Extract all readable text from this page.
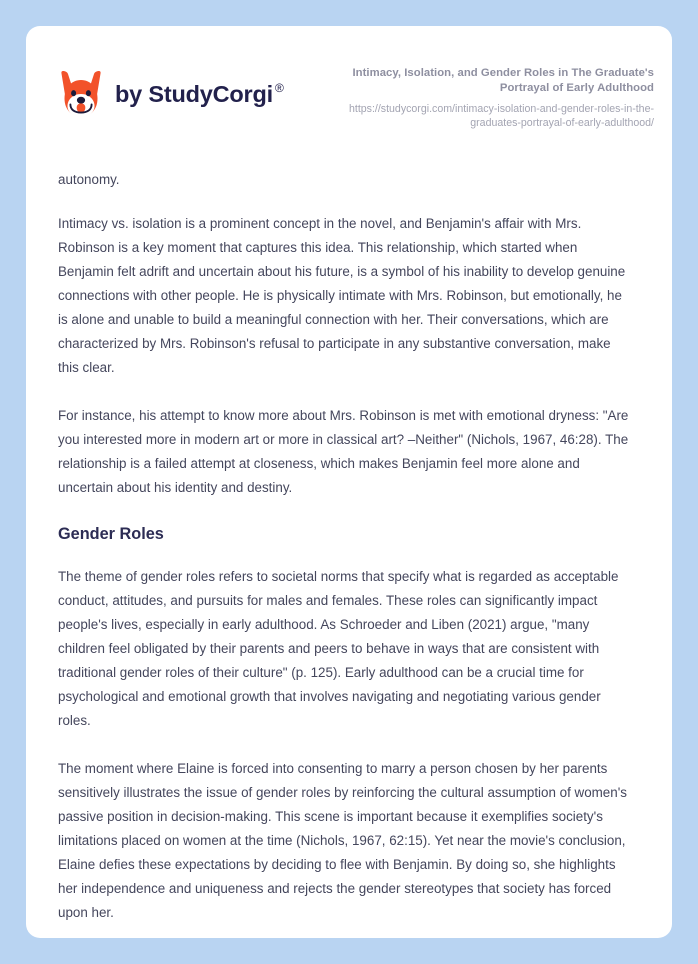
by StudyCorgi ®
Intimacy, Isolation, and Gender Roles in The Graduate's Portrayal of Early Adulthood
https://studycorgi.com/intimacy-isolation-and-gender-roles-in-the-graduates-portrayal-of-early-adulthood/

autonomy.

Intimacy vs. isolation is a prominent concept in the novel, and Benjamin's affair with Mrs. Robinson is a key moment that captures this idea. This relationship, which started when Benjamin felt adrift and uncertain about his future, is a symbol of his inability to develop genuine connections with other people. He is physically intimate with Mrs. Robinson, but emotionally, he is alone and unable to build a meaningful connection with her. Their conversations, which are characterized by Mrs. Robinson's refusal to participate in any substantive conversation, make this clear.

For instance, his attempt to know more about Mrs. Robinson is met with emotional dryness: "Are you interested more in modern art or more in classical art? –Neither" (Nichols, 1967, 46:28). The relationship is a failed attempt at closeness, which makes Benjamin feel more alone and uncertain about his identity and destiny.

Gender Roles

The theme of gender roles refers to societal norms that specify what is regarded as acceptable conduct, attitudes, and pursuits for males and females. These roles can significantly impact people's lives, especially in early adulthood. As Schroeder and Liben (2021) argue, "many children feel obligated by their parents and peers to behave in ways that are consistent with traditional gender roles of their culture" (p. 125). Early adulthood can be a crucial time for psychological and emotional growth that involves navigating and negotiating various gender roles.

The moment where Elaine is forced into consenting to marry a person chosen by her parents sensitively illustrates the issue of gender roles by reinforcing the cultural assumption of women's passive position in decision-making. This scene is important because it exemplifies society's limitations placed on women at the time (Nichols, 1967, 62:15). Yet near the movie's conclusion, Elaine defies these expectations by deciding to flee with Benjamin. By doing so, she highlights her independence and uniqueness and rejects the gender stereotypes that society has forced upon her.
